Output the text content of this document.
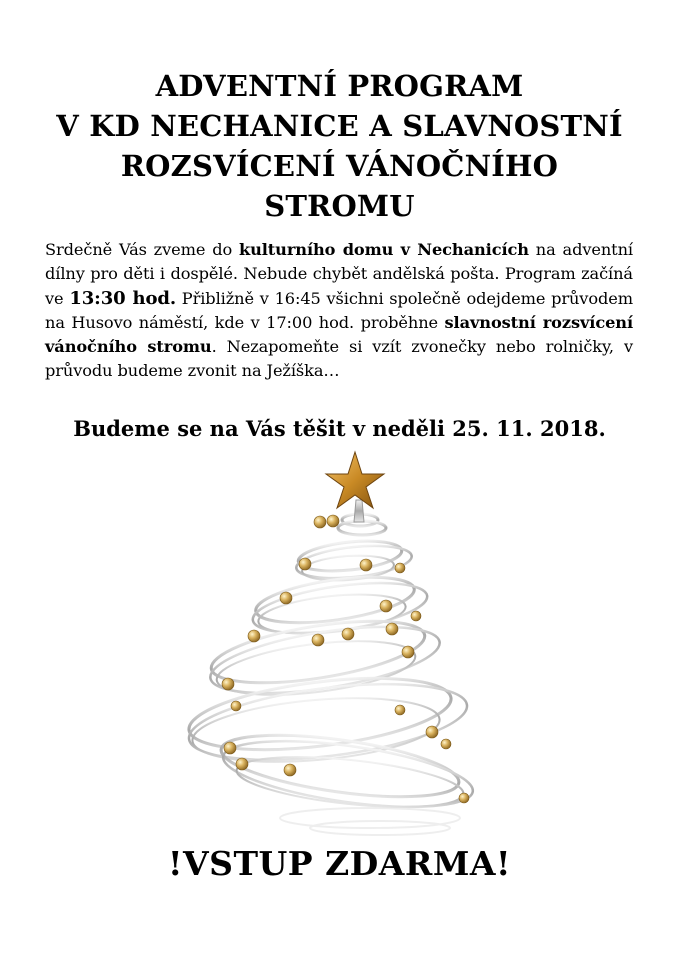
ADVENTNÍ PROGRAM
V KD NECHANICE A SLAVNOSTNÍ
ROZSVÍCENÍ VÁNOČNÍHO
STROMU

Srdečně Vás zveme do kulturního domu v Nechanicích na adventní dílny pro děti i dospělé. Nebude chybět andělská pošta. Program začíná ve 13:30 hod. Přibližně v 16:45 všichni společně odejdeme průvodem na Husovo náměstí, kde v 17:00 hod. proběhne slavnostní rozsvícení vánočního stromu. Nezapomeňte si vzít zvonečky nebo rolničky, v průvodu budeme zvonit na Ježíška…

Budeme se na Vás těšit v neděli 25. 11. 2018.

!VSTUP ZDARMA!
